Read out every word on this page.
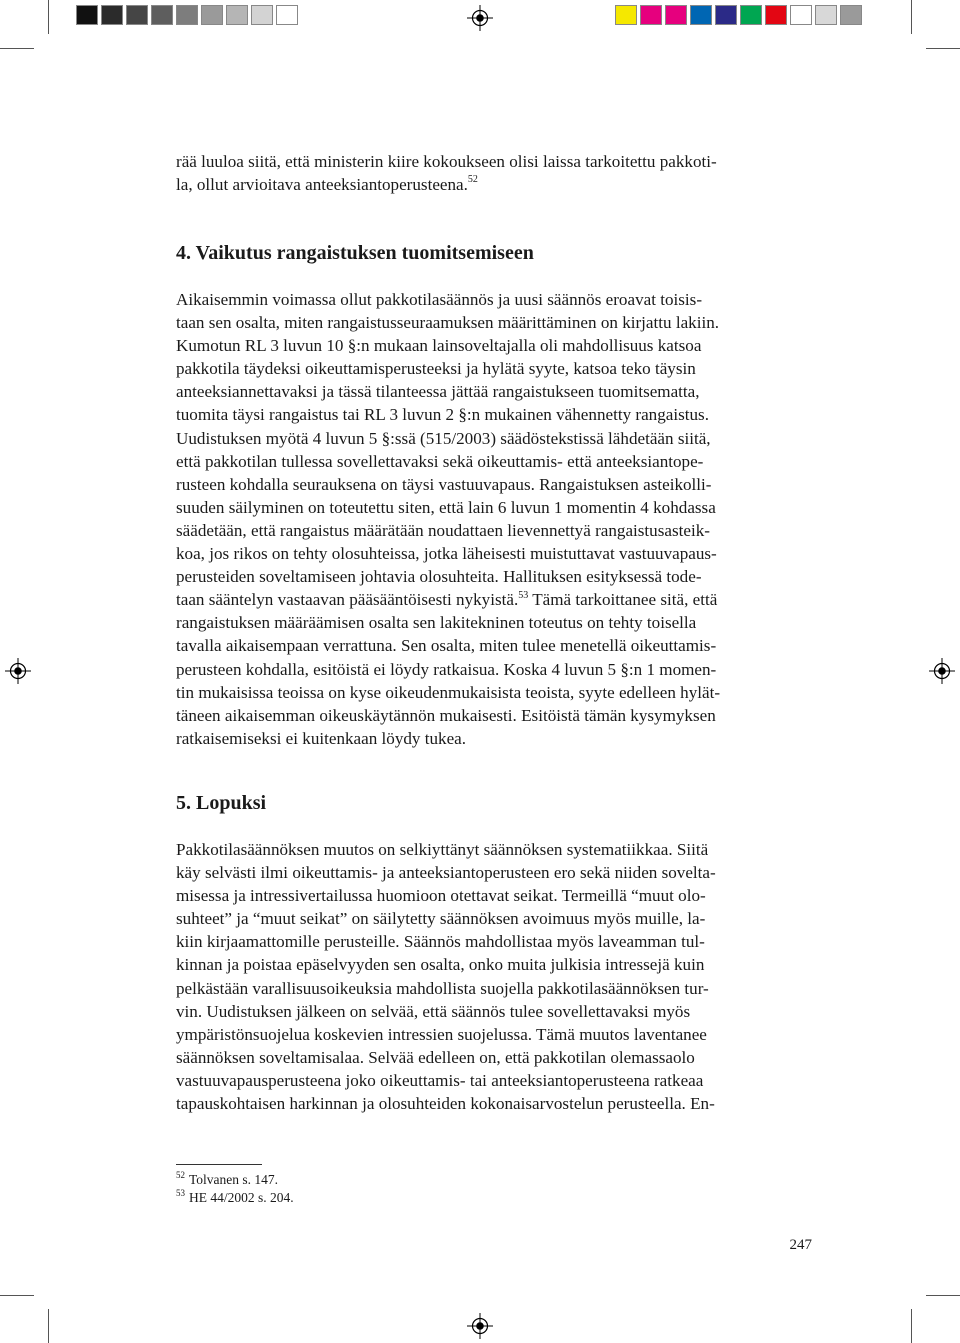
rää luuloa siitä, että ministerin kiire kokoukseen olisi laissa tarkoitettu pakkoti-
la, ollut arvioitava anteeksiantoperusteena.$^{52}$

4. Vaikutus rangaistuksen tuomitsemiseen

Aikaisemmin voimassa ollut pakkotilasäännös ja uusi säännös eroavat toisis-
taan sen osalta, miten rangaistusseuraamuksen määrittäminen on kirjattu lakiin.
Kumotun RL 3 luvun 10 §:n mukaan lainsoveltajalla oli mahdollisuus katsoa
pakkotila täydeksi oikeuttamisperusteeksi ja hylätä syyte, katsoa teko täysin
anteeksiannettavaksi ja tässä tilanteessa jättää rangaistukseen tuomitsematta,
tuomita täysi rangaistus tai RL 3 luvun 2 §:n mukainen vähennetty rangaistus.
Uudistuksen myötä 4 luvun 5 §:ssä (515/2003) säädöstekstissä lähdetään siitä,
että pakkotilan tullessa sovellettavaksi sekä oikeuttamis- että anteeksiantope-
rusteen kohdalla seurauksena on täysi vastuuvapaus. Rangaistuksen asteikolli-
suuden säilyminen on toteutettu siten, että lain 6 luvun 1 momentin 4 kohdassa
säädetään, että rangaistus määrätään noudattaen lievennettyä rangaistusasteik-
koa, jos rikos on tehty olosuhteissa, jotka läheisesti muistuttavat vastuuvapaus-
perusteiden soveltamiseen johtavia olosuhteita. Hallituksen esityksessä tode-
taan sääntelyn vastaavan pääsääntöisesti nykyistä.$^{53}$ Tämä tarkoittanee sitä, että
rangaistuksen määräämisen osalta sen lakitekninen toteutus on tehty toisella
tavalla aikaisempaan verrattuna. Sen osalta, miten tulee menetellä oikeuttamis-
perusteen kohdalla, esitöistä ei löydy ratkaisua. Koska 4 luvun 5 §:n 1 momen-
tin mukaisissa teoissa on kyse oikeudenmukaisista teoista, syyte edelleen hylät-
täneen aikaisemman oikeuskäytännön mukaisesti. Esitöistä tämän kysymyksen
ratkaisemiseksi ei kuitenkaan löydy tukea.

5. Lopuksi

Pakkotilasäännöksen muutos on selkiyttänyt säännöksen systematiikkaa. Siitä
käy selvästi ilmi oikeuttamis- ja anteeksiantoperusteen ero sekä niiden sovelta-
misessa ja intressivertailussa huomioon otettavat seikat. Termeillä “muut olo-
suhteet” ja “muut seikat” on säilytetty säännöksen avoimuus myös muille, la-
kiin kirjaamattomille perusteille. Säännös mahdollistaa myös laveamman tul-
kinnan ja poistaa epäselvyyden sen osalta, onko muita julkisia intressejä kuin
pelkästään varallisuusoikeuksia mahdollista suojella pakkotilasäännöksen tur-
vin. Uudistuksen jälkeen on selvää, että säännös tulee sovellettavaksi myös
ympäristönsuojelua koskevien intressien suojelussa. Tämä muutos laventanee
säännöksen soveltamisalaa. Selvää edelleen on, että pakkotilan olemassaolo
vastuuvapausperusteena joko oikeuttamis- tai anteeksiantoperusteena ratkeaa
tapauskohtaisen harkinnan ja olosuhteiden kokonaisarvostelun perusteella. En-

$^{52}$ Tolvanen s. 147.
$^{53}$ HE 44/2002 s. 204.
247
